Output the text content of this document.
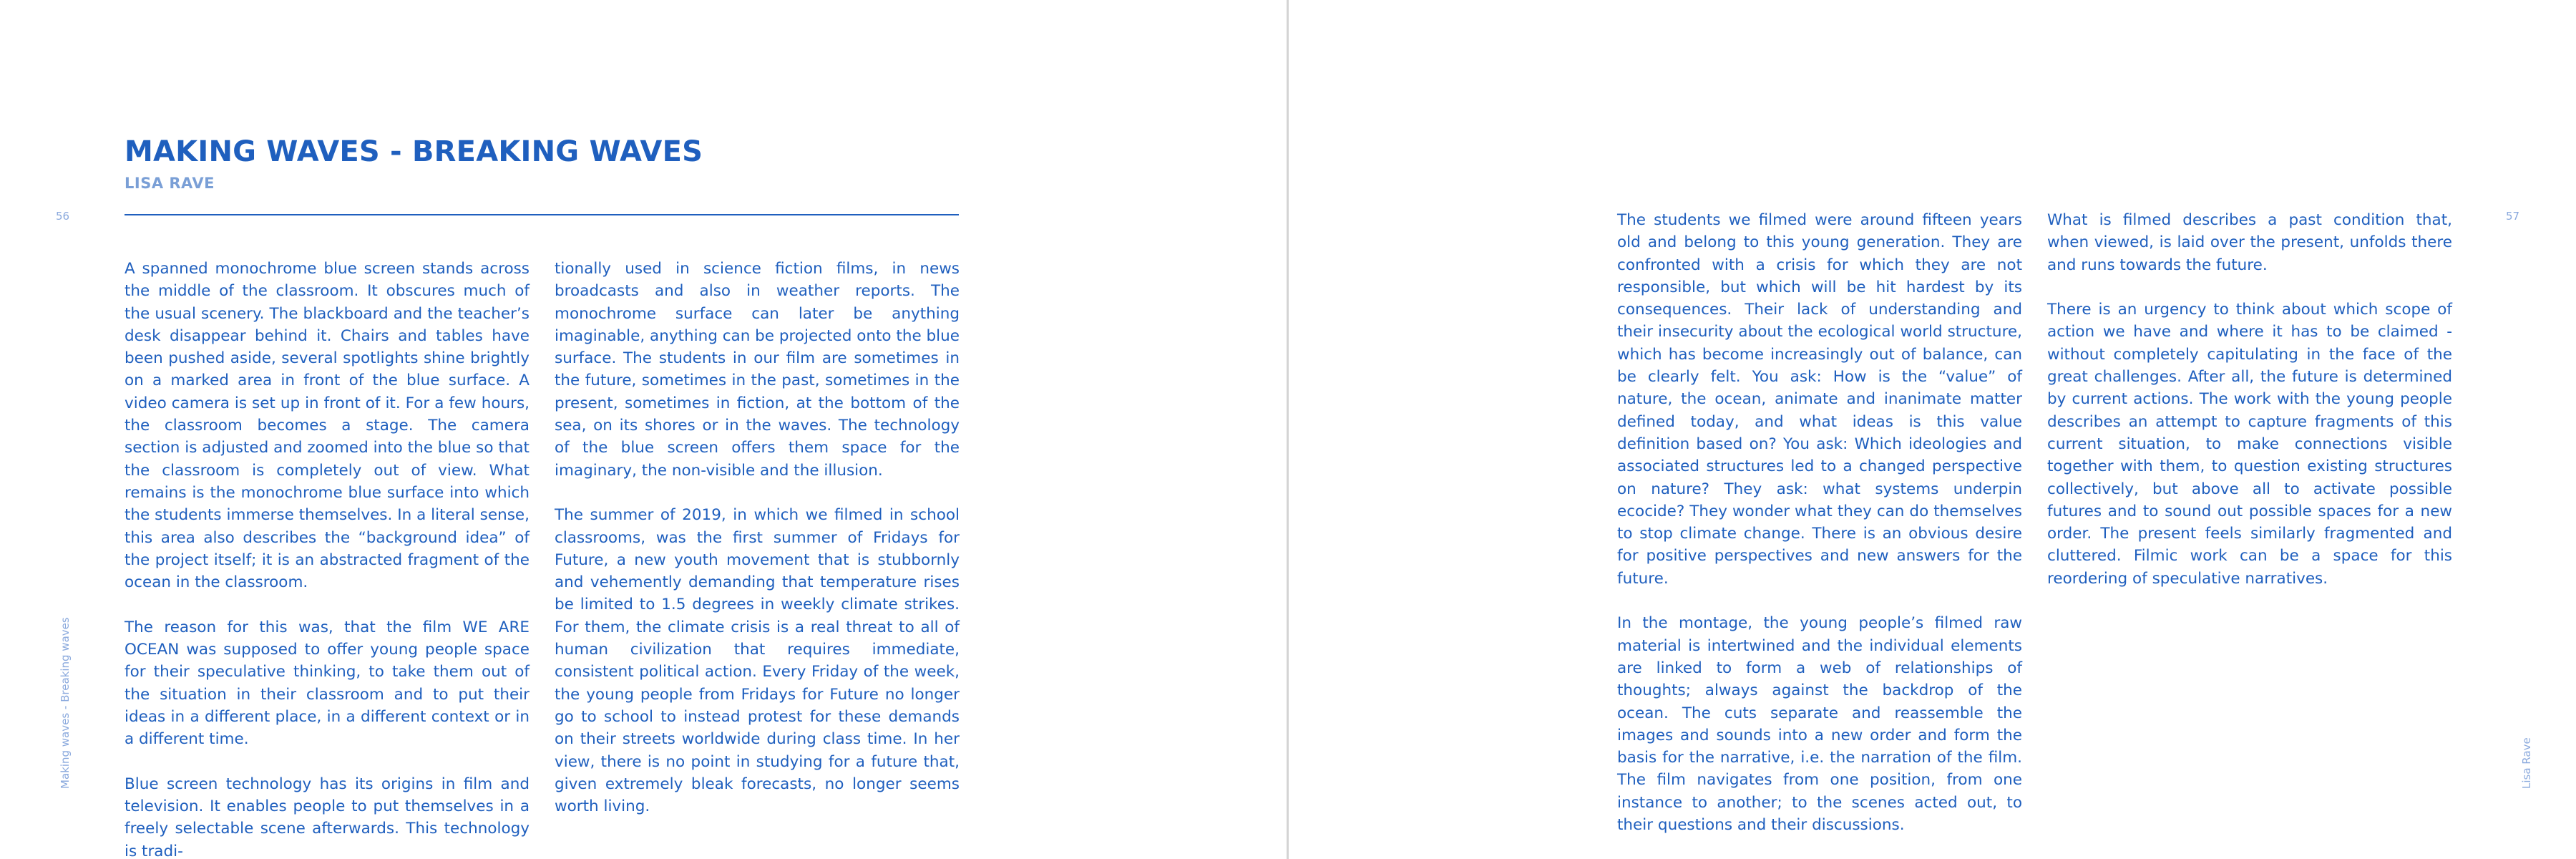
56	57
Making waves - Breaking waves	Lisa Rave
MAKING WAVES - BREAKING WAVES
LISA RAVE

A spanned monochrome blue screen stands across the middle of the classroom. It obscures much of the usual scenery. The blackboard and the teacher’s desk disappear behind it. Chairs and tables have been pushed aside, several spotlights shine brightly on a marked area in front of the blue surface. A video camera is set up in front of it. For a few hours, the classroom becomes a stage. The camera section is adjusted and zoomed into the blue so that the classroom is completely out of view. What remains is the monochrome blue surface into which the students immerse themselves. In a literal sense, this area also describes the “background idea” of the project itself; it is an abstracted fragment of the ocean in the classroom.

The reason for this was, that the film WE ARE OCEAN was supposed to offer young people space for their speculative thinking, to take them out of the situation in their classroom and to put their ideas in a different place, in a different context or in a different time.

Blue screen technology has its origins in film and television. It enables people to put themselves in a freely selectable scene afterwards. This technology is tradi-

tionally used in science fiction films, in news broadcasts and also in weather reports. The monochrome surface can later be anything imaginable, anything can be projected onto the blue surface. The students in our film are sometimes in the future, sometimes in the past, sometimes in the present, sometimes in fiction, at the bottom of the sea, on its shores or in the waves. The technology of the blue screen offers them space for the imaginary, the non-visible and the illusion.

The summer of 2019, in which we filmed in school classrooms, was the first summer of Fridays for Future, a new youth movement that is stubbornly and vehemently demanding that temperature rises be limited to 1.5 degrees in weekly climate strikes. For them, the climate crisis is a real threat to all of human civilization that requires immediate, consistent political action. Every Friday of the week, the young people from Fridays for Future no longer go to school to instead protest for these demands on their streets worldwide during class time. In her view, there is no point in studying for a future that, given extremely bleak forecasts, no longer seems worth living.

The students we filmed were around fifteen years old and belong to this young generation. They are confronted with a crisis for which they are not responsible, but which will be hit hardest by its consequences. Their lack of understanding and their insecurity about the ecological world structure, which has become increasingly out of balance, can be clearly felt. You ask: How is the “value” of nature, the ocean, animate and inanimate matter defined today, and what ideas is this value definition based on? You ask: Which ideologies and associated structures led to a changed perspective on nature? They ask: what systems underpin ecocide? They wonder what they can do themselves to stop climate change. There is an obvious desire for positive perspectives and new answers for the future.

In the montage, the young people’s filmed raw material is intertwined and the individual elements are linked to form a web of relationships of thoughts; always against the backdrop of the ocean. The cuts separate and reassemble the images and sounds into a new order and form the basis for the narrative, i.e. the narration of the film. The film navigates from one position, from one instance to another; to the scenes acted out, to their questions and their discussions.

What is filmed describes a past condition that, when viewed, is laid over the present, unfolds there and runs towards the future.

There is an urgency to think about which scope of action we have and where it has to be claimed - without completely capitulating in the face of the great challenges. After all, the future is determined by current actions. The work with the young people describes an attempt to capture fragments of this current situation, to make connections visible together with them, to question existing structures collectively, but above all to activate possible futures and to sound out possible spaces for a new order. The present feels similarly fragmented and cluttered. Filmic work can be a space for this reordering of speculative narratives.
